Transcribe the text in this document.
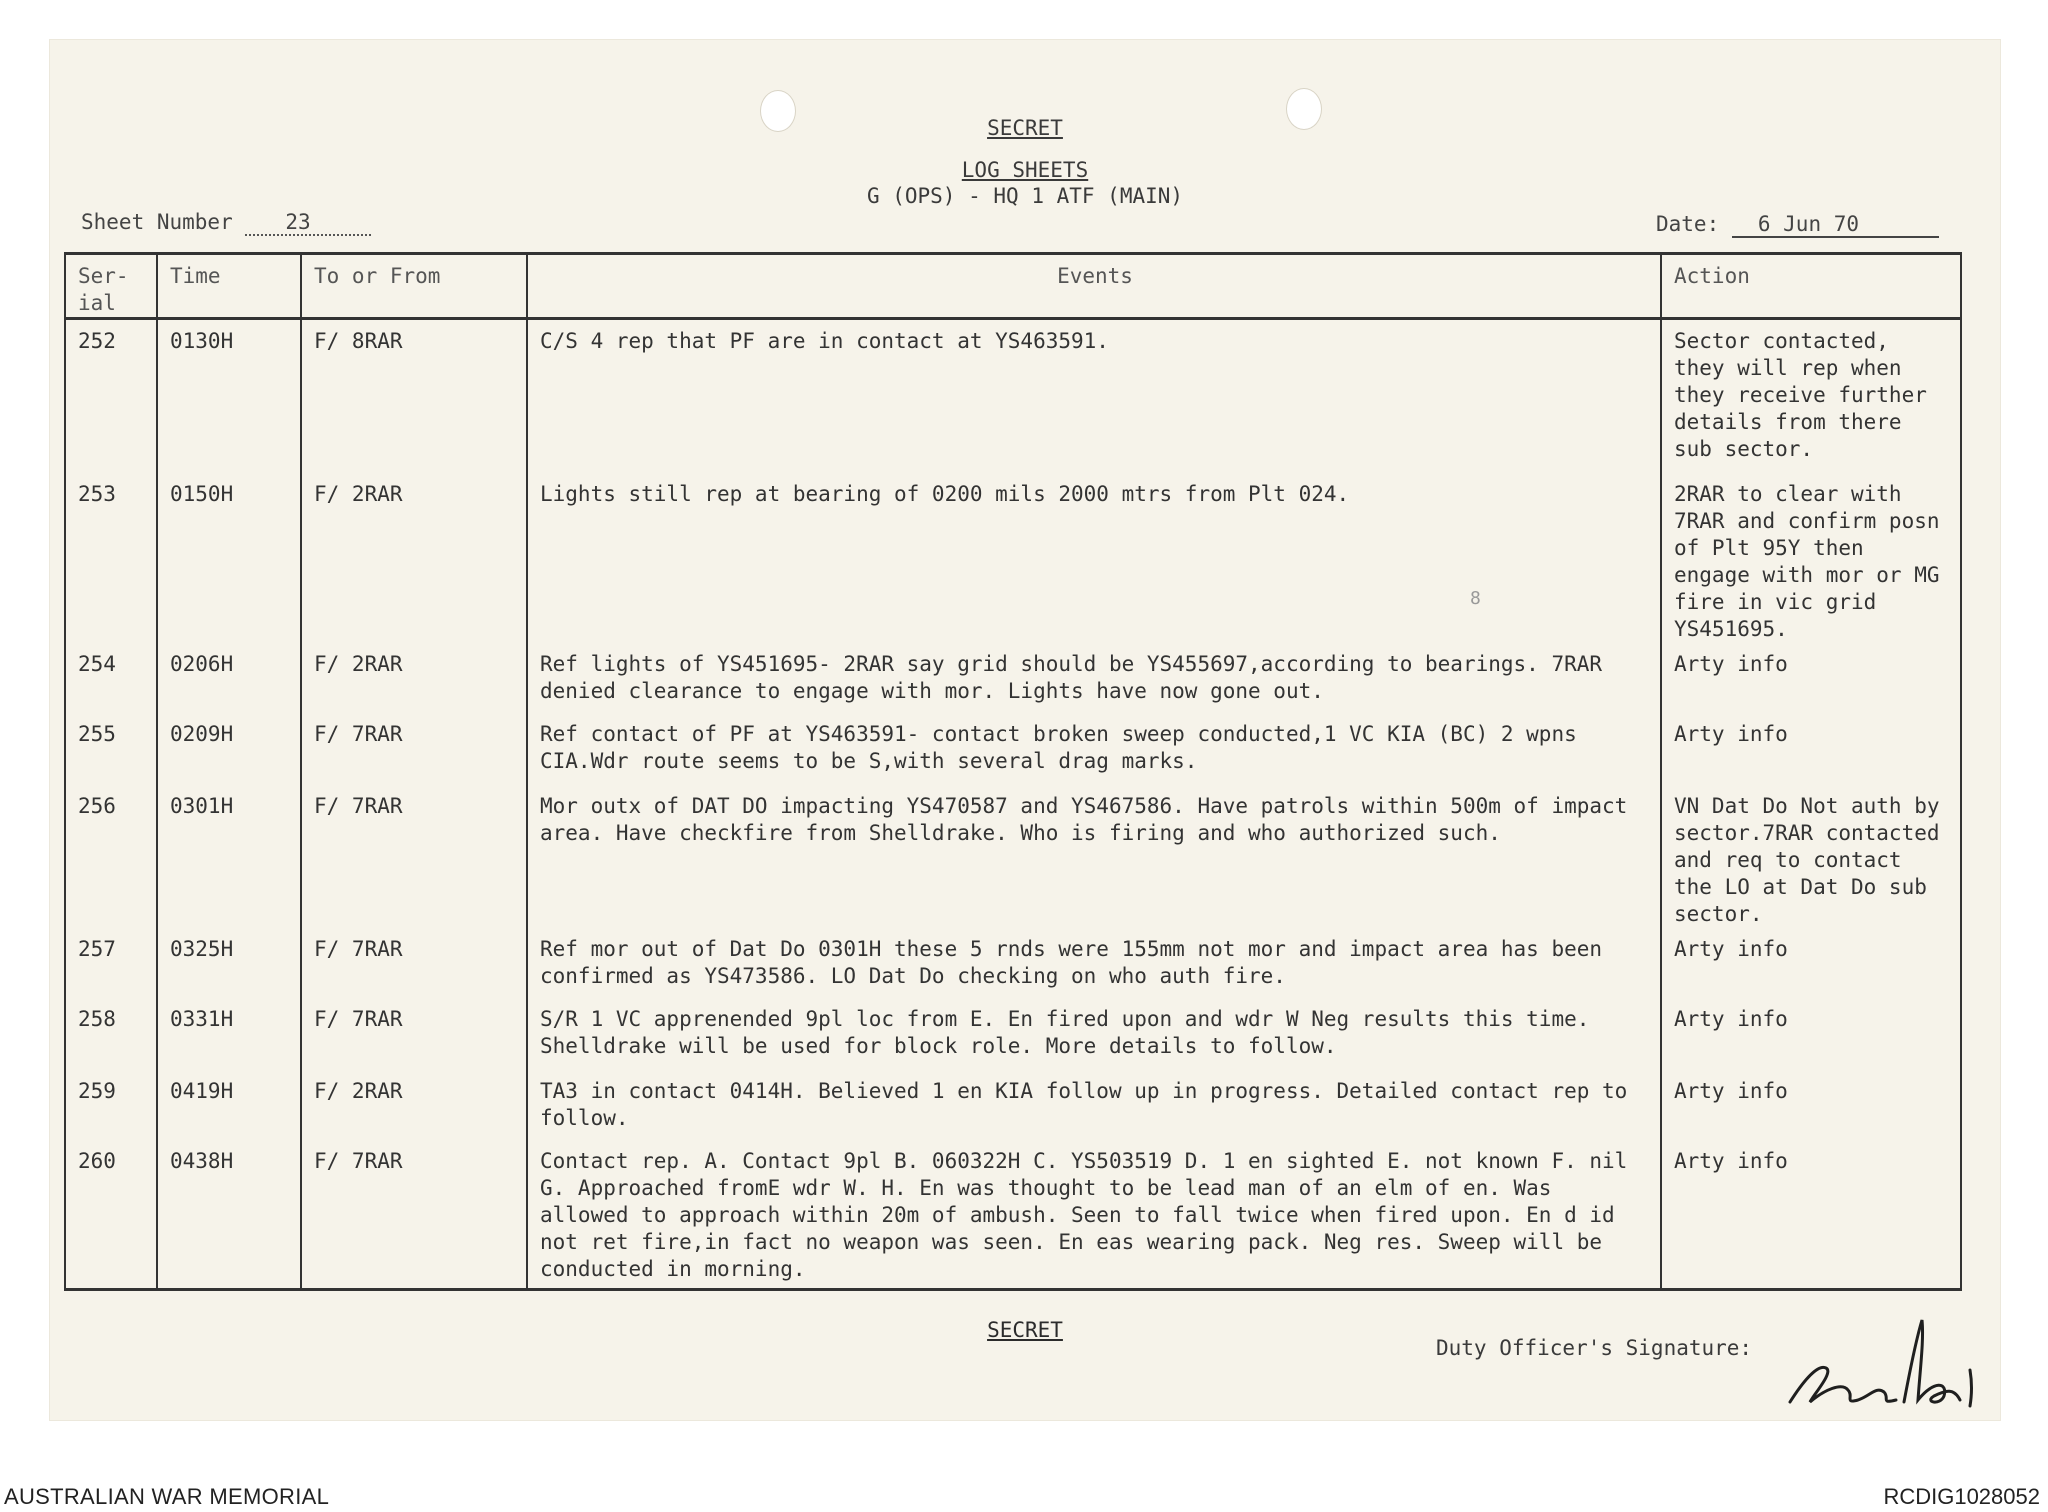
SECRET
LOG SHEETS
G (OPS) - HQ 1 ATF (MAIN)
Sheet Number	23	Date: 6 Jun 70
Ser-ial	Time	To or From	Events	Action
252	0130H	F/ 8RAR	C/S 4 rep that PF are in contact at YS463591.	Sector contacted, they will rep when they receive further details from there sub sector.
253	0150H	F/ 2RAR	Lights still rep at bearing of 0200 mils 2000 mtrs from Plt 024.	2RAR to clear with 7RAR and confirm posn of Plt 95Y then engage with mor or MG fire in vic grid YS451695.
254	0206H	F/ 2RAR	Ref lights of YS451695- 2RAR say grid should be YS455697,according to bearings. 7RAR denied clearance to engage with mor. Lights have now gone out.	Arty info
255	0209H	F/ 7RAR	Ref contact of PF at YS463591- contact broken sweep conducted,1 VC KIA (BC) 2 wpns CIA.Wdr route seems to be S,with several drag marks.	Arty info
256	0301H	F/ 7RAR	Mor outx of DAT DO impacting YS470587 and YS467586. Have patrols within 500m of impact area. Have checkfire from Shelldrake. Who is firing and who authorized such.	VN Dat Do Not auth by sector.7RAR contacted and req to contact the LO at Dat Do sub sector.
257	0325H	F/ 7RAR	Ref mor out of Dat Do 0301H these 5 rnds were 155mm not mor and impact area has been confirmed as YS473586. LO Dat Do checking on who auth fire.	Arty info
258	0331H	F/ 7RAR	S/R 1 VC apprenended 9pl loc from E. En fired upon and wdr W Neg results this time. Shelldrake will be used for block role. More details to follow.	Arty info
259	0419H	F/ 2RAR	TA3 in contact 0414H. Believed 1 en KIA follow up in progress. Detailed contact rep to follow.	Arty info
260	0438H	F/ 7RAR	Contact rep. A. Contact 9pl B. 060322H C. YS503519 D. 1 en sighted E. not known F. nil G. Approached fromE wdr W. H. En was thought to be lead man of an elm of en. Was allowed to approach within 20m of ambush. Seen to fall twice when fired upon. En d id not ret fire,in fact no weapon was seen. En eas wearing pack. Neg res. Sweep will be conducted in morning.	Arty info
8
SECRET
Duty Officer's Signature:
AUSTRALIAN WAR MEMORIAL	RCDIG1028052
